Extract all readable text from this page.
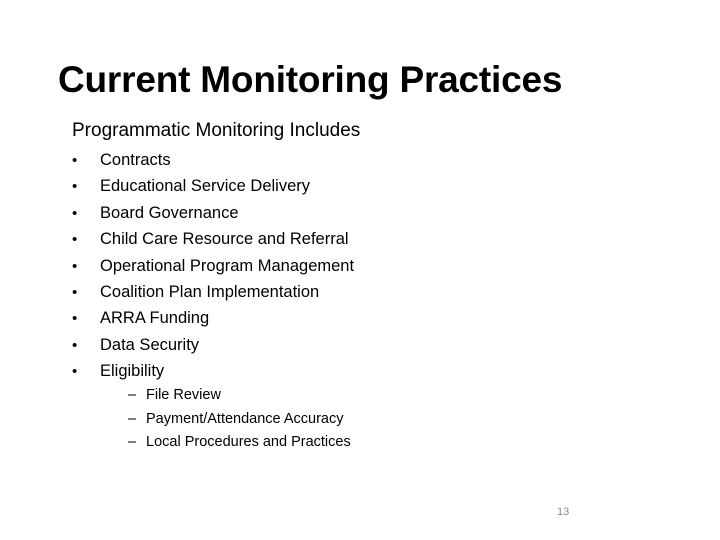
Current Monitoring Practices
Programmatic Monitoring Includes
•	Contracts
•	Educational Service Delivery
•	Board Governance
•	Child Care Resource and Referral
•	Operational Program Management
•	Coalition Plan Implementation
•	ARRA Funding
•	Data Security
•	Eligibility
– File Review
– Payment/Attendance Accuracy
– Local Procedures and Practices
13
